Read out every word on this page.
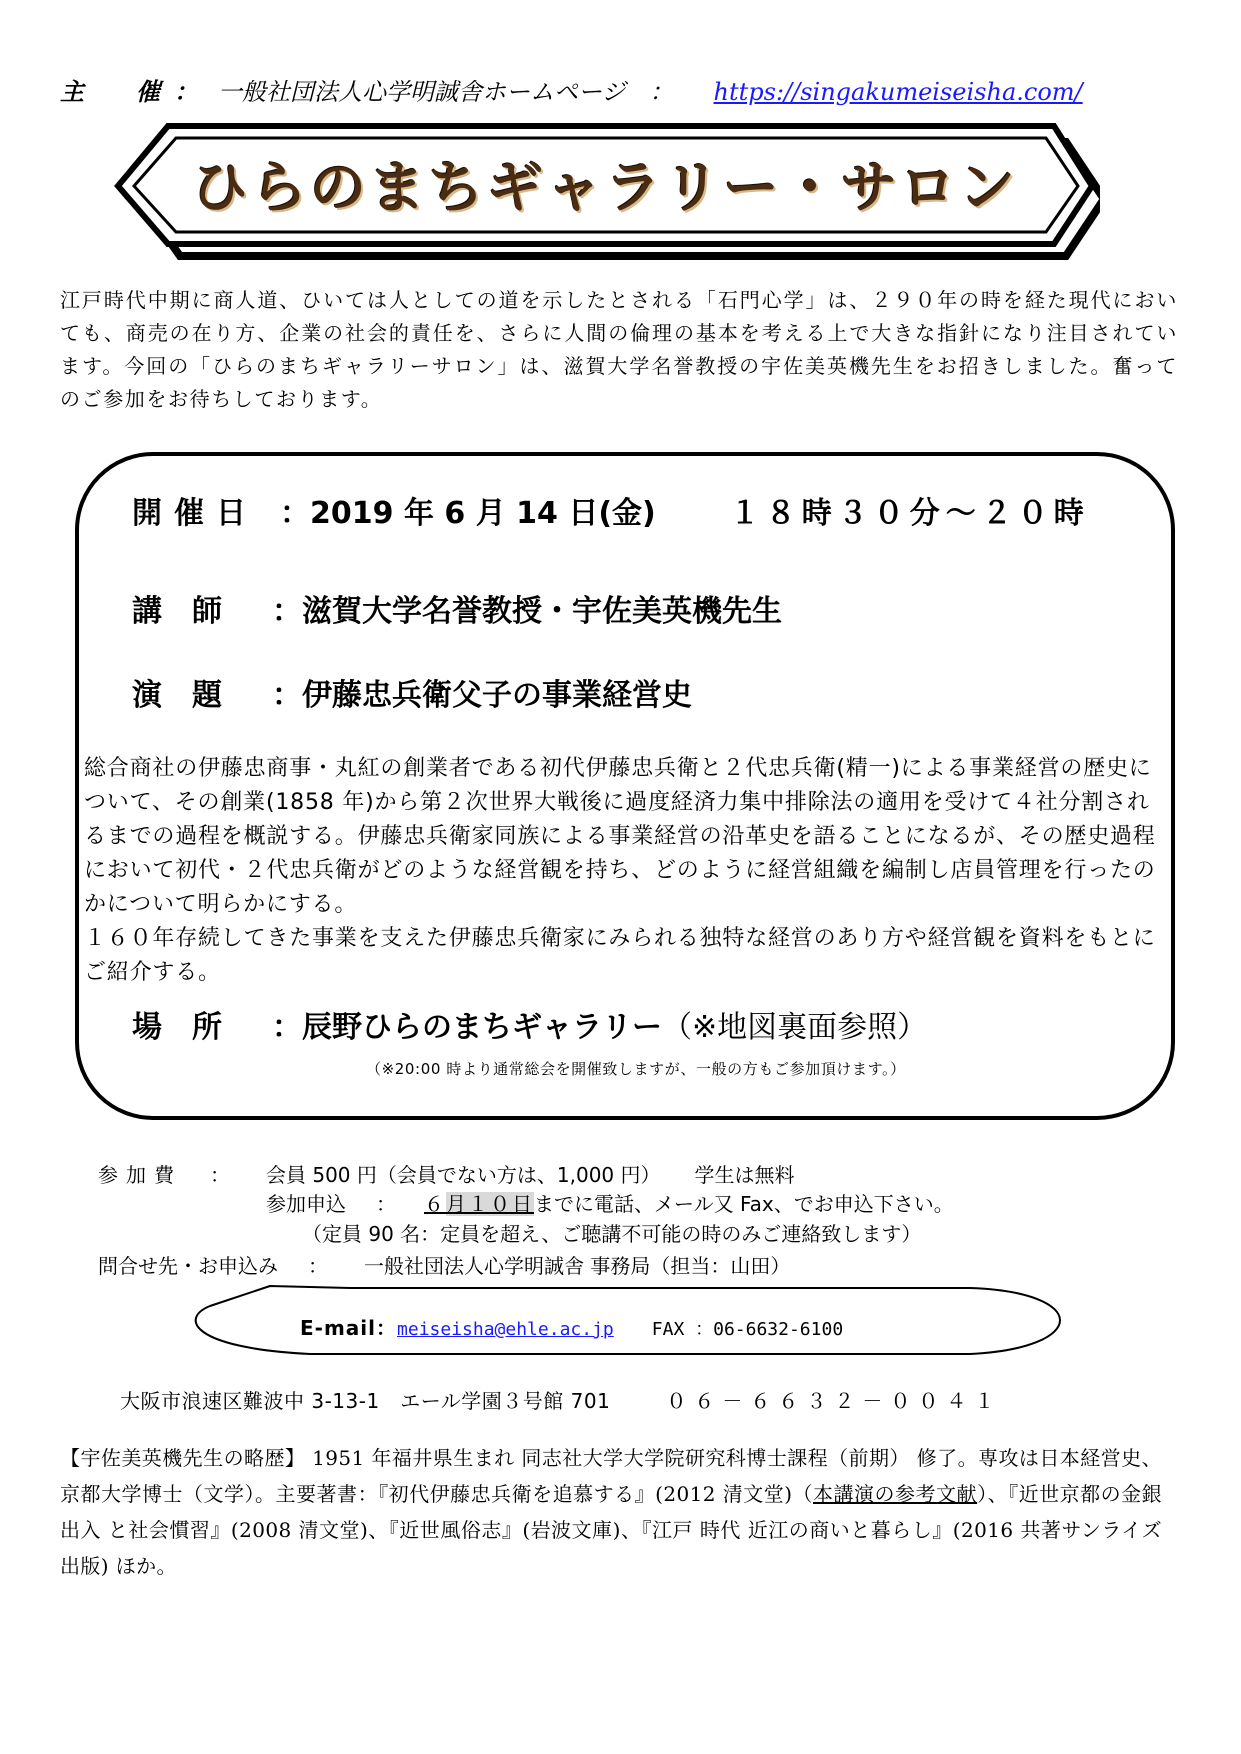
主　催： 一般社団法人心学明誠舎ホームページ　： https://singakumeiseisha.com/
ひらのまちギャラリー・サロン
江戸時代中期に商人道、ひいては人としての道を示したとされる「石門心学」は、２９０年の時を経た現代においても、商売の在り方、企業の社会的責任を、さらに人間の倫理の基本を考える上で大きな指針になり注目されています。今回の「ひらのまちギャラリーサロン」は、滋賀大学名誉教授の宇佐美英機先生をお招きしました。奮ってのご参加をお待ちしております。
開催日 ：2019 年 6 月 14 日(金) １８時３０分～２０時
講師 ：滋賀大学名誉教授・宇佐美英機先生
演題 ：伊藤忠兵衛父子の事業経営史

総合商社の伊藤忠商事・丸紅の創業者である初代伊藤忠兵衛と２代忠兵衛(精一)による事業経営の歴史について、その創業(1858 年)から第２次世界大戦後に過度経済力集中排除法の適用を受けて４社分割されるまでの過程を概説する。伊藤忠兵衛家同族による事業経営の沿革史を語ることになるが、その歴史過程において初代・２代忠兵衛がどのような経営観を持ち、どのように経営組織を編制し店員管理を行ったのかについて明らかにする。

１６０年存続してきた事業を支えた伊藤忠兵衛家にみられる独特な経営のあり方や経営観を資料をもとにご紹介する。

場所 ：辰野ひらのまちギャラリー（※地図裏面参照）
（※20:00 時より通常総会を開催致しますが、一般の方もご参加頂けます。）
参加費　： 会員 500 円（会員でない方は、1,000 円） 学生は無料
参加申込 ： ６月１０日までに電話、メール又 Fax、でお申込下さい。
（定員 90 名：定員を超え、ご聴講不可能の時のみご連絡致します）
問合せ先・お申込み ： 一般社団法人心学明誠舎 事務局（担当：山田）
E-mail：meiseisha@ehle.ac.jp FAX ：06-6632-6100
大阪市浪速区難波中 3-13-1　エール学園３号館 701	０６－６６３２－００４１
【宇佐美英機先生の略歴】 1951 年福井県生まれ 同志社大学大学院研究科博士課程（前期） 修了。専攻は日本経営史、京都大学博士（文学）。主要著書：『初代伊藤忠兵衛を追慕する』(2012 清文堂)（本講演の参考文献）、『近世京都の金銀出入 と社会慣習』(2008 清文堂)、『近世風俗志』(岩波文庫)、『江戸 時代 近江の商いと暮らし』(2016 共著サンライズ出版) ほか。
